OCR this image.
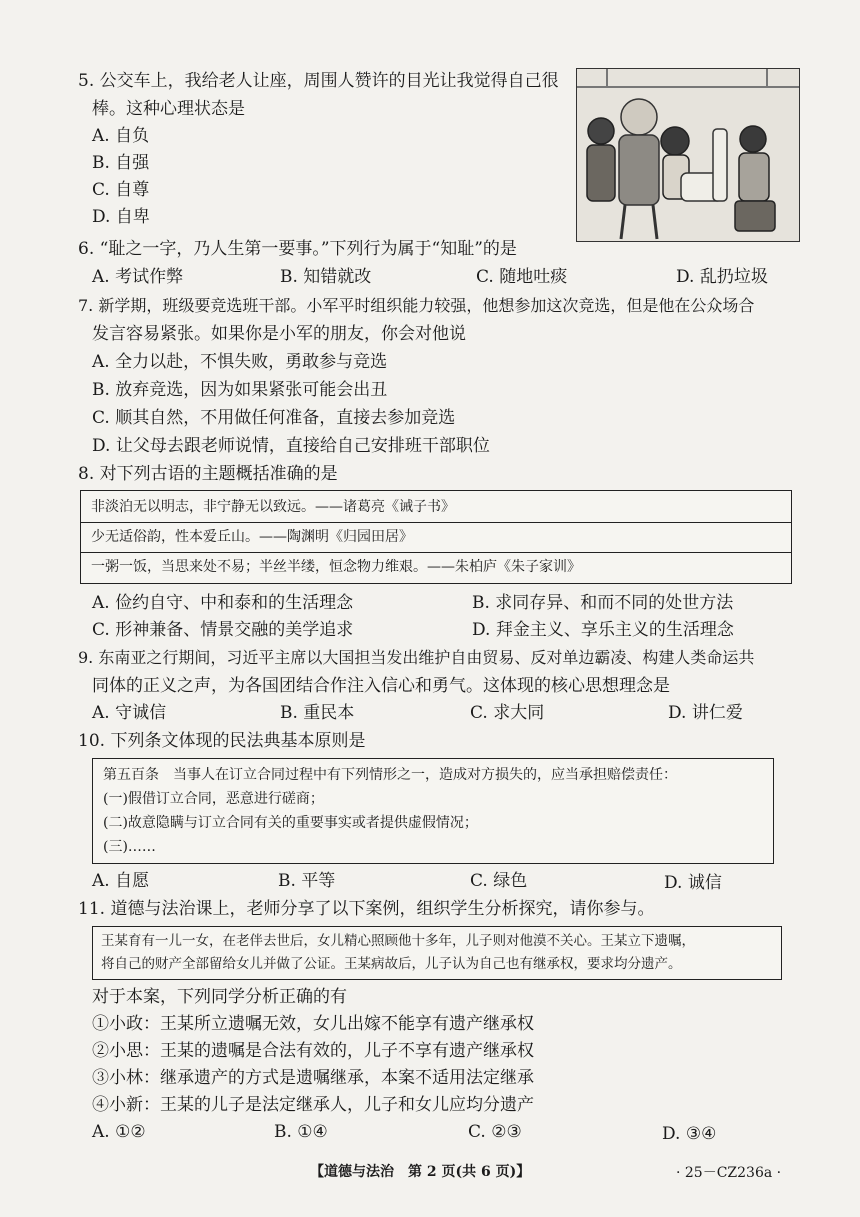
5. 公交车上，我给老人让座，周围人赞许的目光让我觉得自己很
棒。这种心理状态是
A. 自负
B. 自强
C. 自尊
D. 自卑
6. “耻之一字，乃人生第一要事。”下列行为属于“知耻”的是
A. 考试作弊	B. 知错就改	C. 随地吐痰	D. 乱扔垃圾
7. 新学期，班级要竞选班干部。小军平时组织能力较强，他想参加这次竞选，但是他在公众场合
发言容易紧张。如果你是小军的朋友，你会对他说
A. 全力以赴，不惧失败，勇敢参与竞选
B. 放弃竞选，因为如果紧张可能会出丑
C. 顺其自然，不用做任何准备，直接去参加竞选
D. 让父母去跟老师说情，直接给自己安排班干部职位
8. 对下列古语的主题概括准确的是
非淡泊无以明志，非宁静无以致远。——诸葛亮《诫子书》
少无适俗韵，性本爱丘山。——陶渊明《归园田居》
一粥一饭，当思来处不易；半丝半缕，恒念物力维艰。——朱柏庐《朱子家训》
A. 俭约自守、中和泰和的生活理念	B. 求同存异、和而不同的处世方法
C. 形神兼备、情景交融的美学追求	D. 拜金主义、享乐主义的生活理念
9. 东南亚之行期间，习近平主席以大国担当发出维护自由贸易、反对单边霸凌、构建人类命运共
同体的正义之声，为各国团结合作注入信心和勇气。这体现的核心思想理念是
A. 守诚信	B. 重民本	C. 求大同	D. 讲仁爱
10. 下列条文体现的民法典基本原则是
第五百条　当事人在订立合同过程中有下列情形之一，造成对方损失的，应当承担赔偿责任：
(一)假借订立合同，恶意进行磋商；
(二)故意隐瞒与订立合同有关的重要事实或者提供虚假情况；
(三)……
A. 自愿	B. 平等	C. 绿色	D. 诚信
11. 道德与法治课上，老师分享了以下案例，组织学生分析探究，请你参与。
王某育有一儿一女，在老伴去世后，女儿精心照顾他十多年，儿子则对他漠不关心。王某立下遗嘱，
将自己的财产全部留给女儿并做了公证。王某病故后，儿子认为自己也有继承权，要求均分遗产。
对于本案，下列同学分析正确的有
①小政：王某所立遗嘱无效，女儿出嫁不能享有遗产继承权
②小思：王某的遗嘱是合法有效的，儿子不享有遗产继承权
③小林：继承遗产的方式是遗嘱继承，本案不适用法定继承
④小新：王某的儿子是法定继承人，儿子和女儿应均分遗产
A. ①②	B. ①④	C. ②③	D. ③④
【道德与法治　第 2 页(共 6 页)】	· 25－CZ236a ·
